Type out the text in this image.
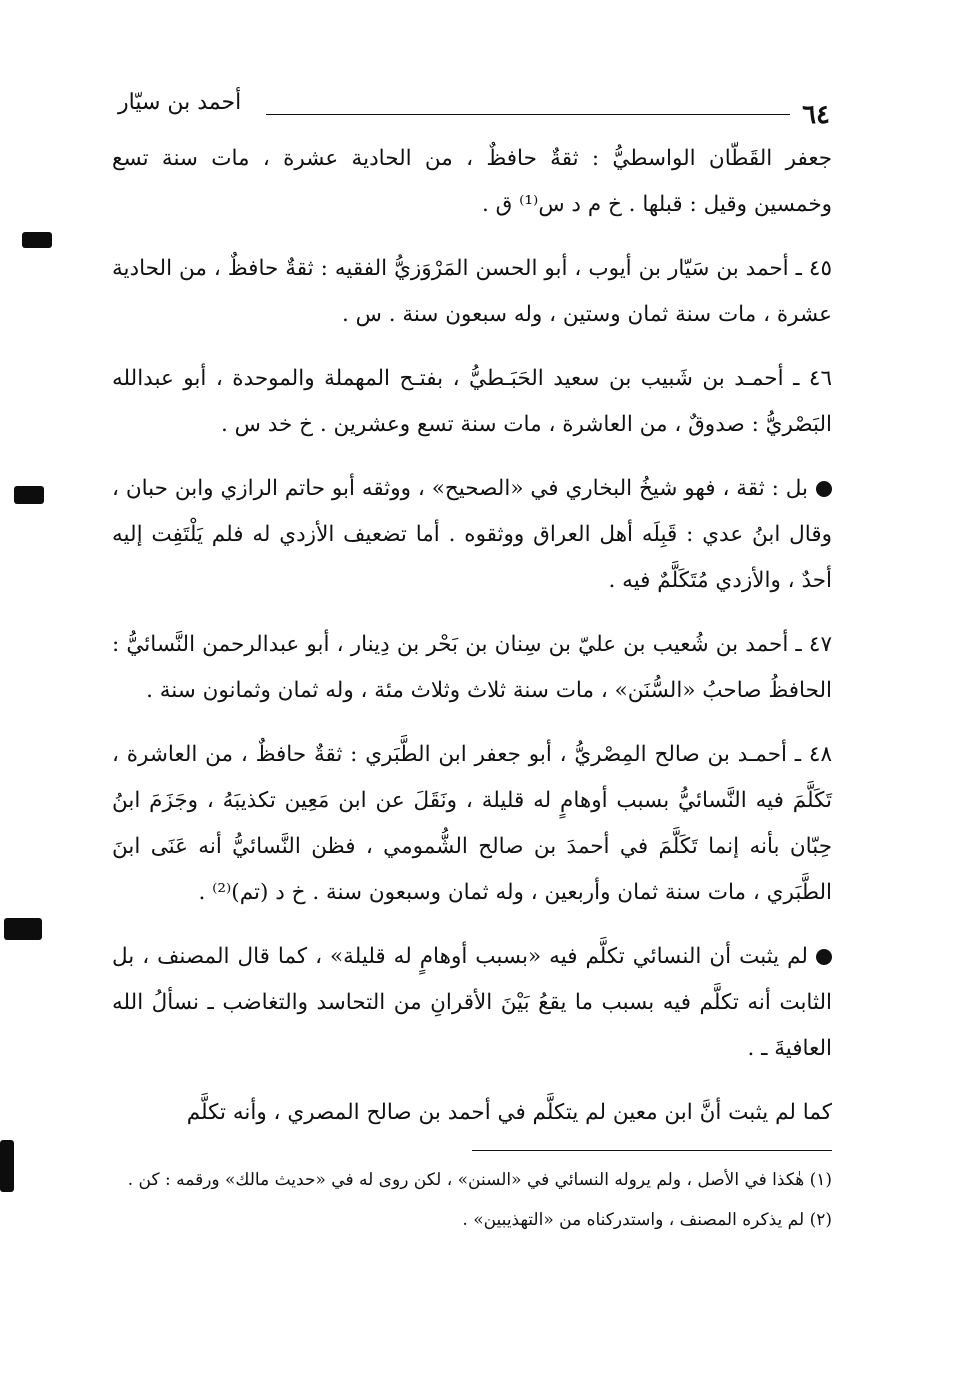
٦٤
أحمد بن سيّار

جعفر القَطّان الواسطيُّ : ثقةٌ حافظٌ ، من الحادية عشرة ، مات سنة تسع وخمسين وقيل : قبلها . خ م د س⁽¹⁾ ق .

٤٥ ـ أحمد بن سَيّار بن أيوب ، أبو الحسن المَرْوَزيُّ الفقيه : ثقةٌ حافظٌ ، من الحادية عشرة ، مات سنة ثمان وستين ، وله سبعون سنة . س .

٤٦ ـ أحمـد بن شَبيب بن سعيد الحَبَـطيُّ ، بفتـح المهملة والموحدة ، أبو عبدالله البَصْريُّ : صدوقٌ ، من العاشرة ، مات سنة تسع وعشرين . خ خد س .

بل : ثقة ، فهو شيخُ البخاري في «الصحيح» ، ووثقه أبو حاتم الرازي وابن حبان ، وقال ابنُ عدي : قَبِلَه أهل العراق ووثقوه . أما تضعيف الأزدي له فلم يَلْتَفِت إليه أحدٌ ، والأزدي مُتَكَلَّمٌ فيه .

٤٧ ـ أحمد بن شُعيب بن عليّ بن سِنان بن بَحْر بن دِينار ، أبو عبدالرحمن النَّسائيُّ : الحافظُ صاحبُ «السُّنَن» ، مات سنة ثلاث وثلاث مئة ، وله ثمان وثمانون سنة .

٤٨ ـ أحمـد بن صالح المِصْريُّ ، أبو جعفر ابن الطَّبَري : ثقةٌ حافظٌ ، من العاشرة ، تَكَلَّمَ فيه النَّسائيُّ بسبب أوهامٍ له قليلة ، ونَقَلَ عن ابن مَعِين تكذيبَهُ ، وجَزَمَ ابنُ حِبّان بأنه إنما تَكَلَّمَ في أحمدَ بن صالح الشُّمومي ، فظن النَّسائيُّ أنه عَنَى ابنَ الطَّبَري ، مات سنة ثمان وأربعين ، وله ثمان وسبعون سنة . خ د (تم)⁽²⁾ .

لم يثبت أن النسائي تكلَّم فيه «بسبب أوهامٍ له قليلة» ، كما قال المصنف ، بل الثابت أنه تكلَّم فيه بسبب ما يقعُ بَيْنَ الأقرانِ من التحاسد والتغاضب ـ نسألُ الله العافيةَ ـ .

كما لم يثبت أنَّ ابن معين لم يتكلَّم في أحمد بن صالح المصري ، وأنه تكلَّم

(١) هٰكذا في الأصل ، ولم يروله النسائي في «السنن» ، لكن روى له في «حديث مالك» ورقمه : كن .

(٢) لم يذكره المصنف ، واستدركناه من «التهذيبين» .
